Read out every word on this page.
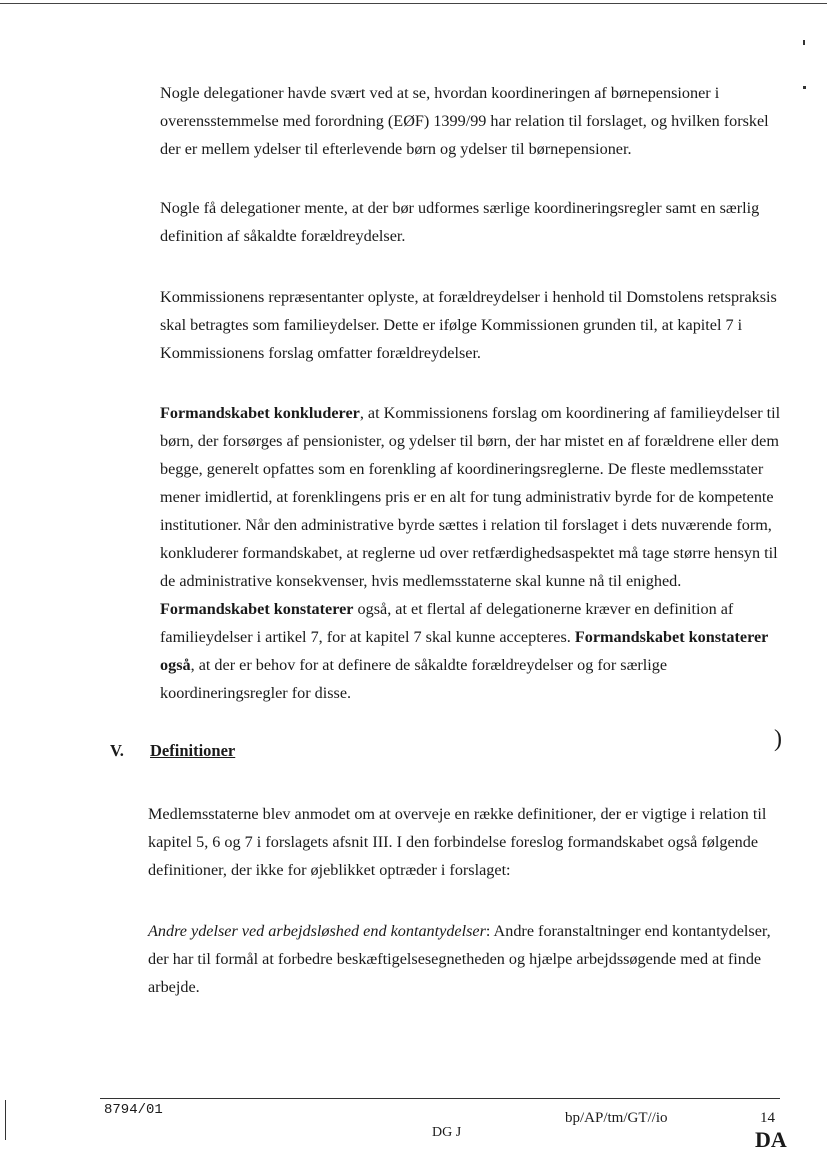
Nogle delegationer havde svært ved at se, hvordan koordineringen af børnepensioner i overensstemmelse med forordning (EØF) 1399/99 har relation til forslaget, og hvilken forskel der er mellem ydelser til efterlevende børn og ydelser til børnepensioner.
Nogle få delegationer mente, at der bør udformes særlige koordineringsregler samt en særlig definition af såkaldte forældreydelser.
Kommissionens repræsentanter oplyste, at forældreydelser i henhold til Domstolens retspraksis skal betragtes som familieydelser. Dette er ifølge Kommissionen grunden til, at kapitel 7 i Kommissionens forslag omfatter forældreydelser.
Formandskabet konkluderer, at Kommissionens forslag om koordinering af familieydelser til børn, der forsørges af pensionister, og ydelser til børn, der har mistet en af forældrene eller dem begge, generelt opfattes som en forenkling af koordineringsreglerne. De fleste medlemsstater mener imidlertid, at forenklingens pris er en alt for tung administrativ byrde for de kompetente institutioner. Når den administrative byrde sættes i relation til forslaget i dets nuværende form, konkluderer formandskabet, at reglerne ud over retfærdighedsaspektet må tage større hensyn til de administrative konsekvenser, hvis medlemsstaterne skal kunne nå til enighed. Formandskabet konstaterer også, at et flertal af delegationerne kræver en definition af familieydelser i artikel 7, for at kapitel 7 skal kunne accepteres. Formandskabet konstaterer også, at der er behov for at definere de såkaldte forældreydelser og for særlige koordineringsregler for disse.
V. Definitioner	)
Medlemsstaterne blev anmodet om at overveje en række definitioner, der er vigtige i relation til kapitel 5, 6 og 7 i forslagets afsnit III. I den forbindelse foreslog formandskabet også følgende definitioner, der ikke for øjeblikket optræder i forslaget:
Andre ydelser ved arbejdsløshed end kontantydelser: Andre foranstaltninger end kontantydelser, der har til formål at forbedre beskæftigelsesegnetheden og hjælpe arbejdssøgende med at finde arbejde.
8794/01
DG J
bp/AP/tm/GT//io	14
DA
